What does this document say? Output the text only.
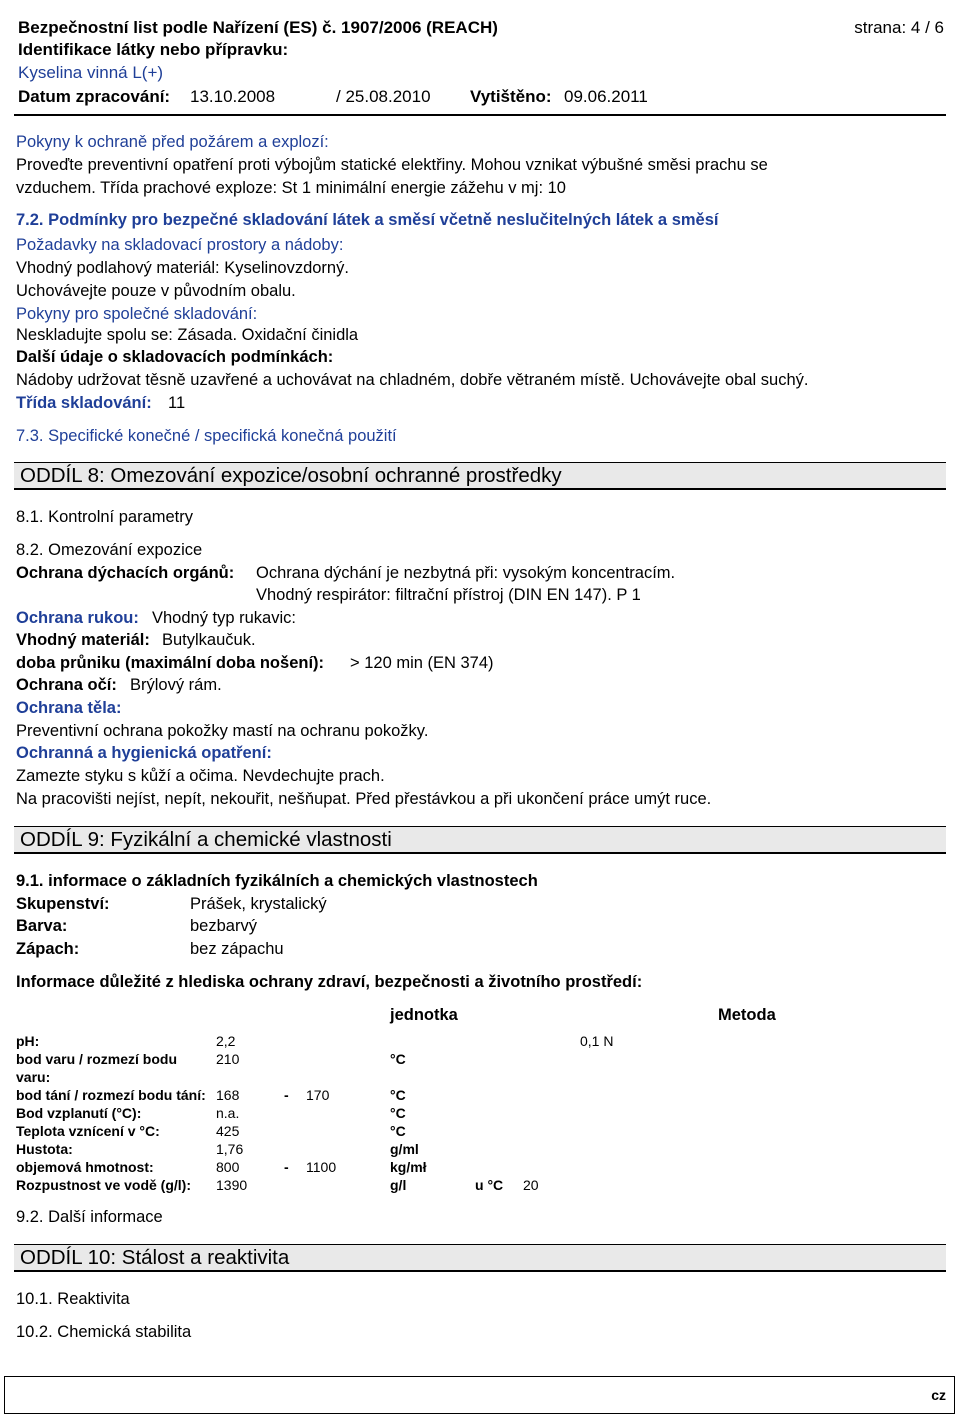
Bezpečnostní list podle Nařízení (ES) č. 1907/2006 (REACH)	strana: 4 / 6
Identifikace látky nebo přípravku:
Kyselina vinná L(+)
Datum zpracování: 13.10.2008	/ 25.08.2010 Vytištěno: 09.06.2011
Pokyny k ochraně před požárem a explozí:
Proveďte preventivní opatření proti výbojům statické elektřiny. Mohou vznikat výbušné směsi prachu se
vzduchem. Třída prachové exploze: St 1 minimální energie zážehu v mj: 10
7.2. Podmínky pro bezpečné skladování látek a směsí včetně neslučitelných látek a směsí
Požadavky na skladovací prostory a nádoby:
Vhodný podlahový materiál: Kyselinovzdorný.
Uchovávejte pouze v původním obalu.
Pokyny pro společné skladování:
Neskladujte spolu se: Zásada. Oxidační činidla
Další údaje o skladovacích podmínkách:
Nádoby udržovat těsně uzavřené a uchovávat na chladném, dobře větraném místě. Uchovávejte obal suchý.
Třída skladování: 11
7.3. Specifické konečné / specifická konečná použití
ODDÍL 8: Omezování expozice/osobní ochranné prostředky
8.1. Kontrolní parametry
8.2. Omezování expozice
Ochrana dýchacích orgánů: Ochrana dýchání je nezbytná při: vysokým koncentracím.
Vhodný respirátor: filtrační přístroj (DIN EN 147). P 1
Ochrana rukou: Vhodný typ rukavic:
Vhodný materiál: Butylkaučuk.
doba průniku (maximální doba nošení): > 120 min (EN 374)
Ochrana očí: Brýlový rám.
Ochrana těla:
Preventivní ochrana pokožky mastí na ochranu pokožky.
Ochranná a hygienická opatření:
Zamezte styku s kůží a očima. Nevdechujte prach.
Na pracovišti nejíst, nepít, nekouřit, nešňupat. Před přestávkou a při ukončení práce umýt ruce.
ODDÍL 9: Fyzikální a chemické vlastnosti
9.1. informace o základních fyzikálních a chemických vlastnostech
Skupenství:	Prášek, krystalický
Barva:	bezbarvý
Zápach:	bez zápachu
Informace důležité z hlediska ochrany zdraví, bezpečnosti a životního prostředí:
jednotka	Metoda
pH:	2,2	0,1 N
bod varu / rozmezí bodu
varu:
210	°C
bod tání / rozmezí bodu tání: 168	- 170	°C
Bod vzplanutí (°C):	n.a.	°C
Teplota vznícení v °C:	425	°C
Hustota:	1,76	g/ml
objemová hmotnost:	800	- 1100	kg/mł
Rozpustnost ve vodě (g/l): 1390	g/l	u °C 20
9.2. Další informace
ODDÍL 10: Stálost a reaktivita
10.1. Reaktivita
10.2. Chemická stabilita
cz
